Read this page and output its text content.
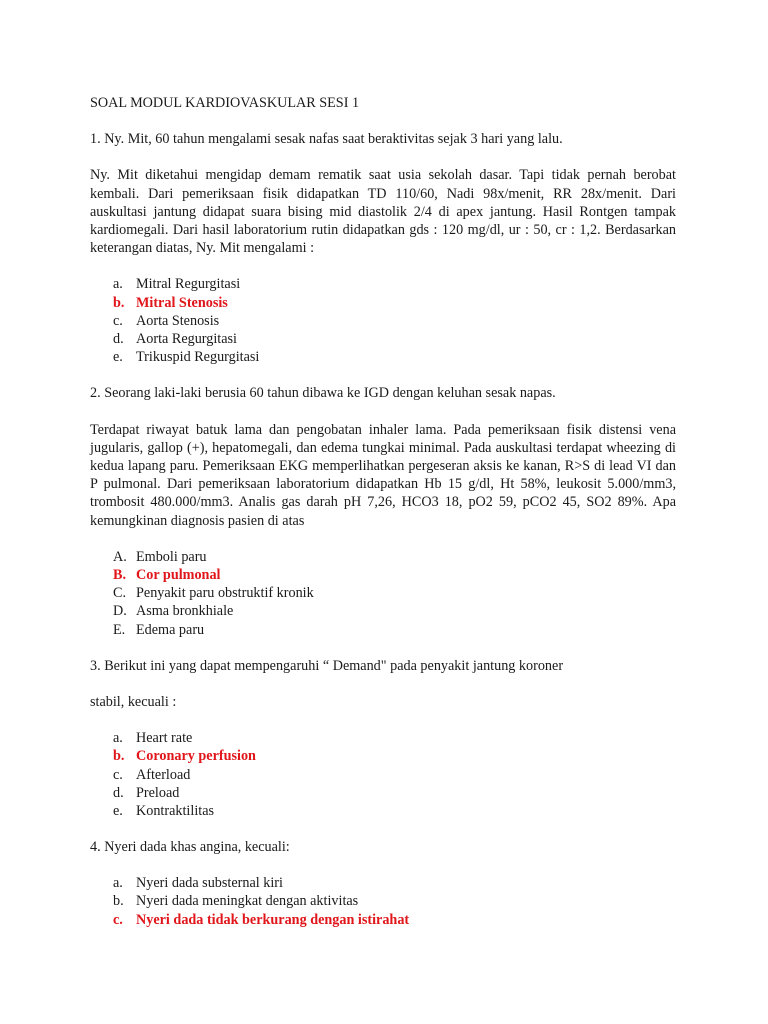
SOAL MODUL KARDIOVASKULAR SESI 1
1. Ny. Mit, 60 tahun mengalami sesak nafas saat beraktivitas sejak 3 hari yang lalu.
Ny. Mit diketahui mengidap demam rematik saat usia sekolah dasar. Tapi tidak pernah berobat kembali. Dari pemeriksaan fisik didapatkan TD 110/60, Nadi 98x/menit, RR 28x/menit. Dari auskultasi jantung didapat suara bising mid diastolik 2/4 di apex jantung. Hasil Rontgen tampak kardiomegali. Dari hasil laboratorium rutin didapatkan gds : 120 mg/dl, ur : 50, cr : 1,2. Berdasarkan keterangan diatas, Ny. Mit mengalami :
a. Mitral Regurgitasi
b. Mitral Stenosis
c. Aorta Stenosis
d. Aorta Regurgitasi
e. Trikuspid Regurgitasi
2. Seorang laki-laki berusia 60 tahun dibawa ke IGD dengan keluhan sesak napas.
Terdapat riwayat batuk lama dan pengobatan inhaler lama. Pada pemeriksaan fisik distensi vena jugularis, gallop (+), hepatomegali, dan edema tungkai minimal. Pada auskultasi terdapat wheezing di kedua lapang paru. Pemeriksaan EKG memperlihatkan pergeseran aksis ke kanan, R>S di lead VI dan P pulmonal. Dari pemeriksaan laboratorium didapatkan Hb 15 g/dl, Ht 58%, leukosit 5.000/mm3, trombosit 480.000/mm3. Analis gas darah pH 7,26, HCO3 18, pO2 59, pCO2 45, SO2 89%. Apa kemungkinan diagnosis pasien di atas
A. Emboli paru
B. Cor pulmonal
C. Penyakit paru obstruktif kronik
D. Asma bronkhiale
E. Edema paru
3. Berikut ini yang dapat mempengaruhi “ Demand" pada penyakit jantung koroner
stabil, kecuali :
a. Heart rate
b. Coronary perfusion
c. Afterload
d. Preload
e. Kontraktilitas
4. Nyeri dada khas angina, kecuali:
a. Nyeri dada substernal kiri
b. Nyeri dada meningkat dengan aktivitas
c. Nyeri dada tidak berkurang dengan istirahat
